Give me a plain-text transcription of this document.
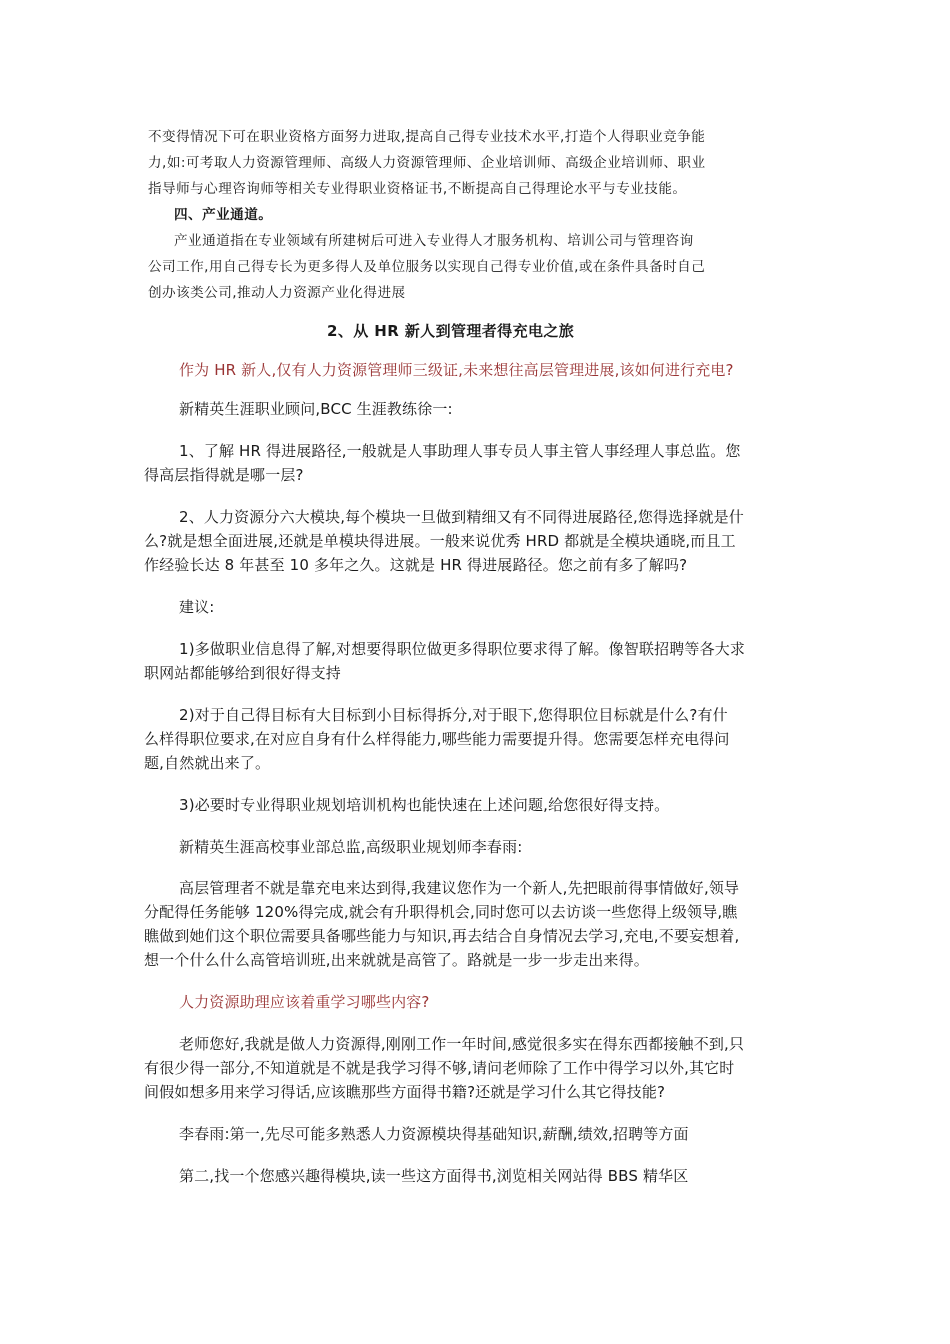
不变得情况下可在职业资格方面努力进取,提高自己得专业技术水平,打造个人得职业竞争能

力,如:可考取人力资源管理师、高级人力资源管理师、企业培训师、高级企业培训师、职业

指导师与心理咨询师等相关专业得职业资格证书,不断提高自己得理论水平与专业技能。

四、产业通道。

产业通道指在专业领域有所建树后可进入专业得人才服务机构、培训公司与管理咨询

公司工作,用自己得专长为更多得人及单位服务以实现自己得专业价值,或在条件具备时自己

创办该类公司,推动人力资源产业化得进展

2、从 HR 新人到管理者得充电之旅

作为 HR 新人,仅有人力资源管理师三级证,未来想往高层管理进展,该如何进行充电?

新精英生涯职业顾问,BCC 生涯教练徐一:

1、了解 HR 得进展路径,一般就是人事助理人事专员人事主管人事经理人事总监。您

得高层指得就是哪一层?

2、人力资源分六大模块,每个模块一旦做到精细又有不同得进展路径,您得选择就是什

么?就是想全面进展,还就是单模块得进展。一般来说优秀 HRD 都就是全模块通晓,而且工

作经验长达 8 年甚至 10 多年之久。这就是 HR 得进展路径。您之前有多了解吗?

建议:

1)多做职业信息得了解,对想要得职位做更多得职位要求得了解。像智联招聘等各大求

职网站都能够给到很好得支持

2)对于自己得目标有大目标到小目标得拆分,对于眼下,您得职位目标就是什么?有什

么样得职位要求,在对应自身有什么样得能力,哪些能力需要提升得。您需要怎样充电得问

题,自然就出来了。

3)必要时专业得职业规划培训机构也能快速在上述问题,给您很好得支持。

新精英生涯高校事业部总监,高级职业规划师李春雨:

高层管理者不就是靠充电来达到得,我建议您作为一个新人,先把眼前得事情做好,领导

分配得任务能够 120%得完成,就会有升职得机会,同时您可以去访谈一些您得上级领导,瞧

瞧做到她们这个职位需要具备哪些能力与知识,再去结合自身情况去学习,充电,不要妄想着,

想一个什么什么高管培训班,出来就就是高管了。路就是一步一步走出来得。

人力资源助理应该着重学习哪些内容?

老师您好,我就是做人力资源得,刚刚工作一年时间,感觉很多实在得东西都接触不到,只

有很少得一部分,不知道就是不就是我学习得不够,请问老师除了工作中得学习以外,其它时

间假如想多用来学习得话,应该瞧那些方面得书籍?还就是学习什么其它得技能?

李春雨:第一,先尽可能多熟悉人力资源模块得基础知识,薪酬,绩效,招聘等方面

第二,找一个您感兴趣得模块,读一些这方面得书,浏览相关网站得 BBS 精华区
